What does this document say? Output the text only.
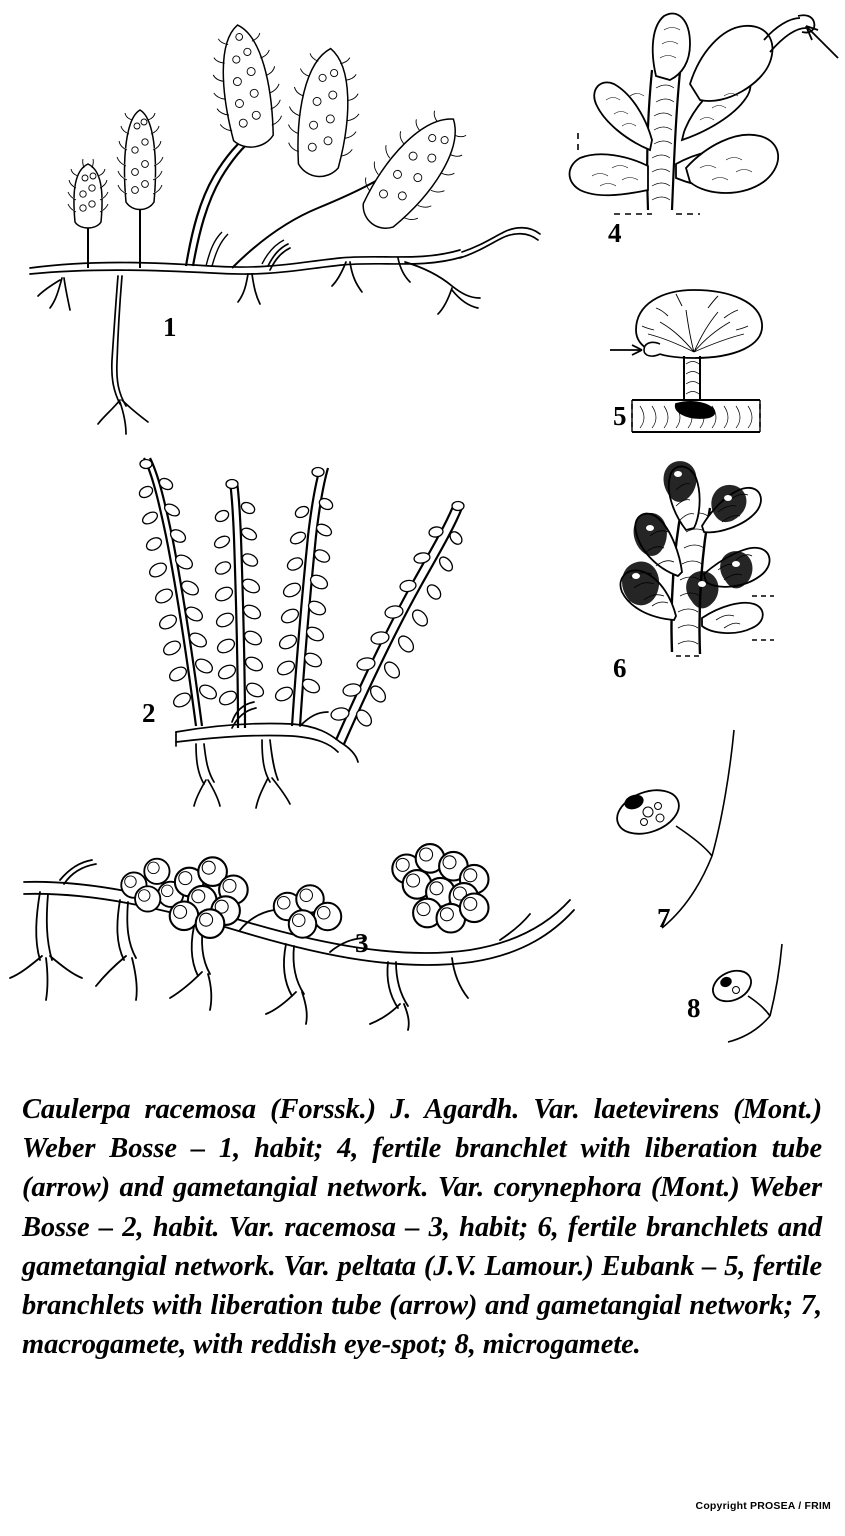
1
2
3
4
5
6
7
8
Caulerpa racemosa (Forssk.) J. Agardh. Var. laetevirens (Mont.) Weber Bosse – 1, habit; 4, fertile branchlet with liberation tube (arrow) and gametangial network. Var. corynephora (Mont.) Weber Bosse – 2, habit. Var. racemosa – 3, habit; 6, fertile branchlets and gametangial network. Var. peltata (J.V. Lamour.) Eubank – 5, fertile branchlets with liberation tube (arrow) and gametangial network; 7, macrogamete, with reddish eye-spot; 8, microgamete.
Copyright PROSEA / FRIM
